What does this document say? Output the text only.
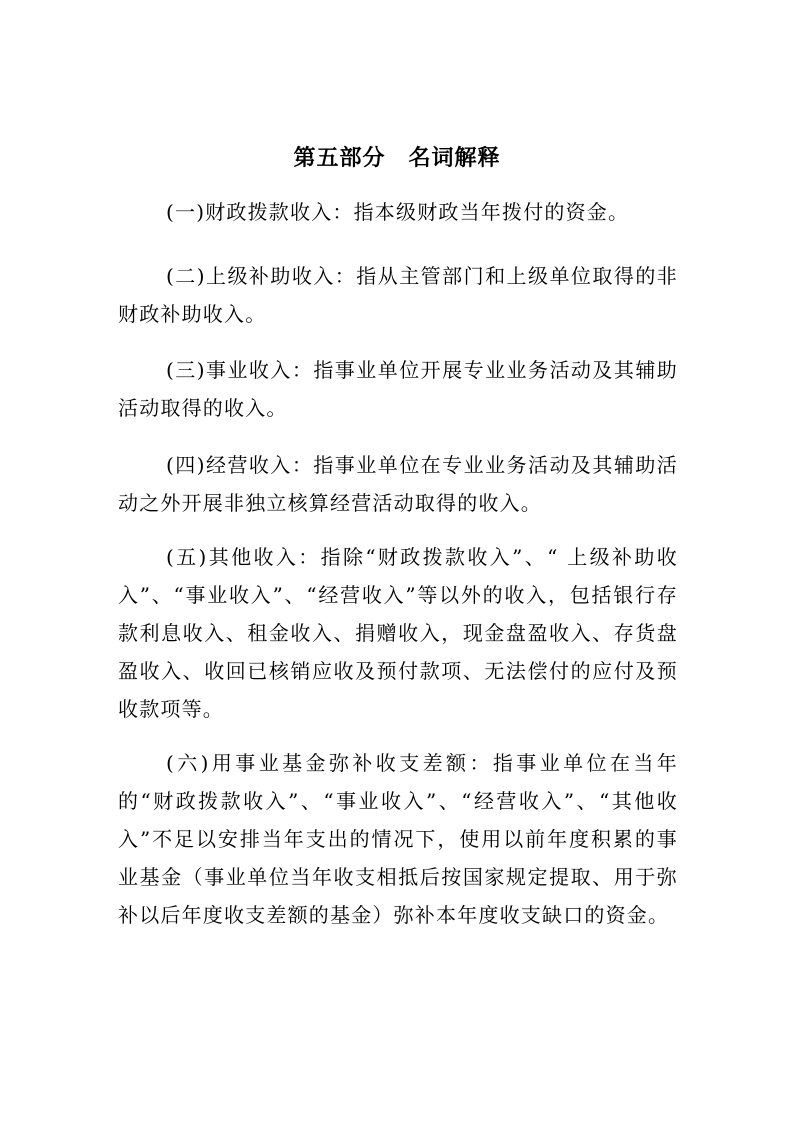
第五部分　名词解释

(一)财政拨款收入：指本级财政当年拨付的资金。

(二)上级补助收入：指从主管部门和上级单位取得的非财政补助收入。

(三)事业收入：指事业单位开展专业业务活动及其辅助活动取得的收入。

(四)经营收入：指事业单位在专业业务活动及其辅助活动之外开展非独立核算经营活动取得的收入。

(五)其他收入：指除“财政拨款收入”、“ 上级补助收入”、“事业收入”、“经营收入”等以外的收入，包括银行存款利息收入、租金收入、捐赠收入，现金盘盈收入、存货盘盈收入、收回已核销应收及预付款项、无法偿付的应付及预收款项等。

(六)用事业基金弥补收支差额：指事业单位在当年的“财政拨款收入”、“事业收入”、“经营收入”、“其他收入”不足以安排当年支出的情况下，使用以前年度积累的事业基金（事业单位当年收支相抵后按国家规定提取、用于弥补以后年度收支差额的基金）弥补本年度收支缺口的资金。
